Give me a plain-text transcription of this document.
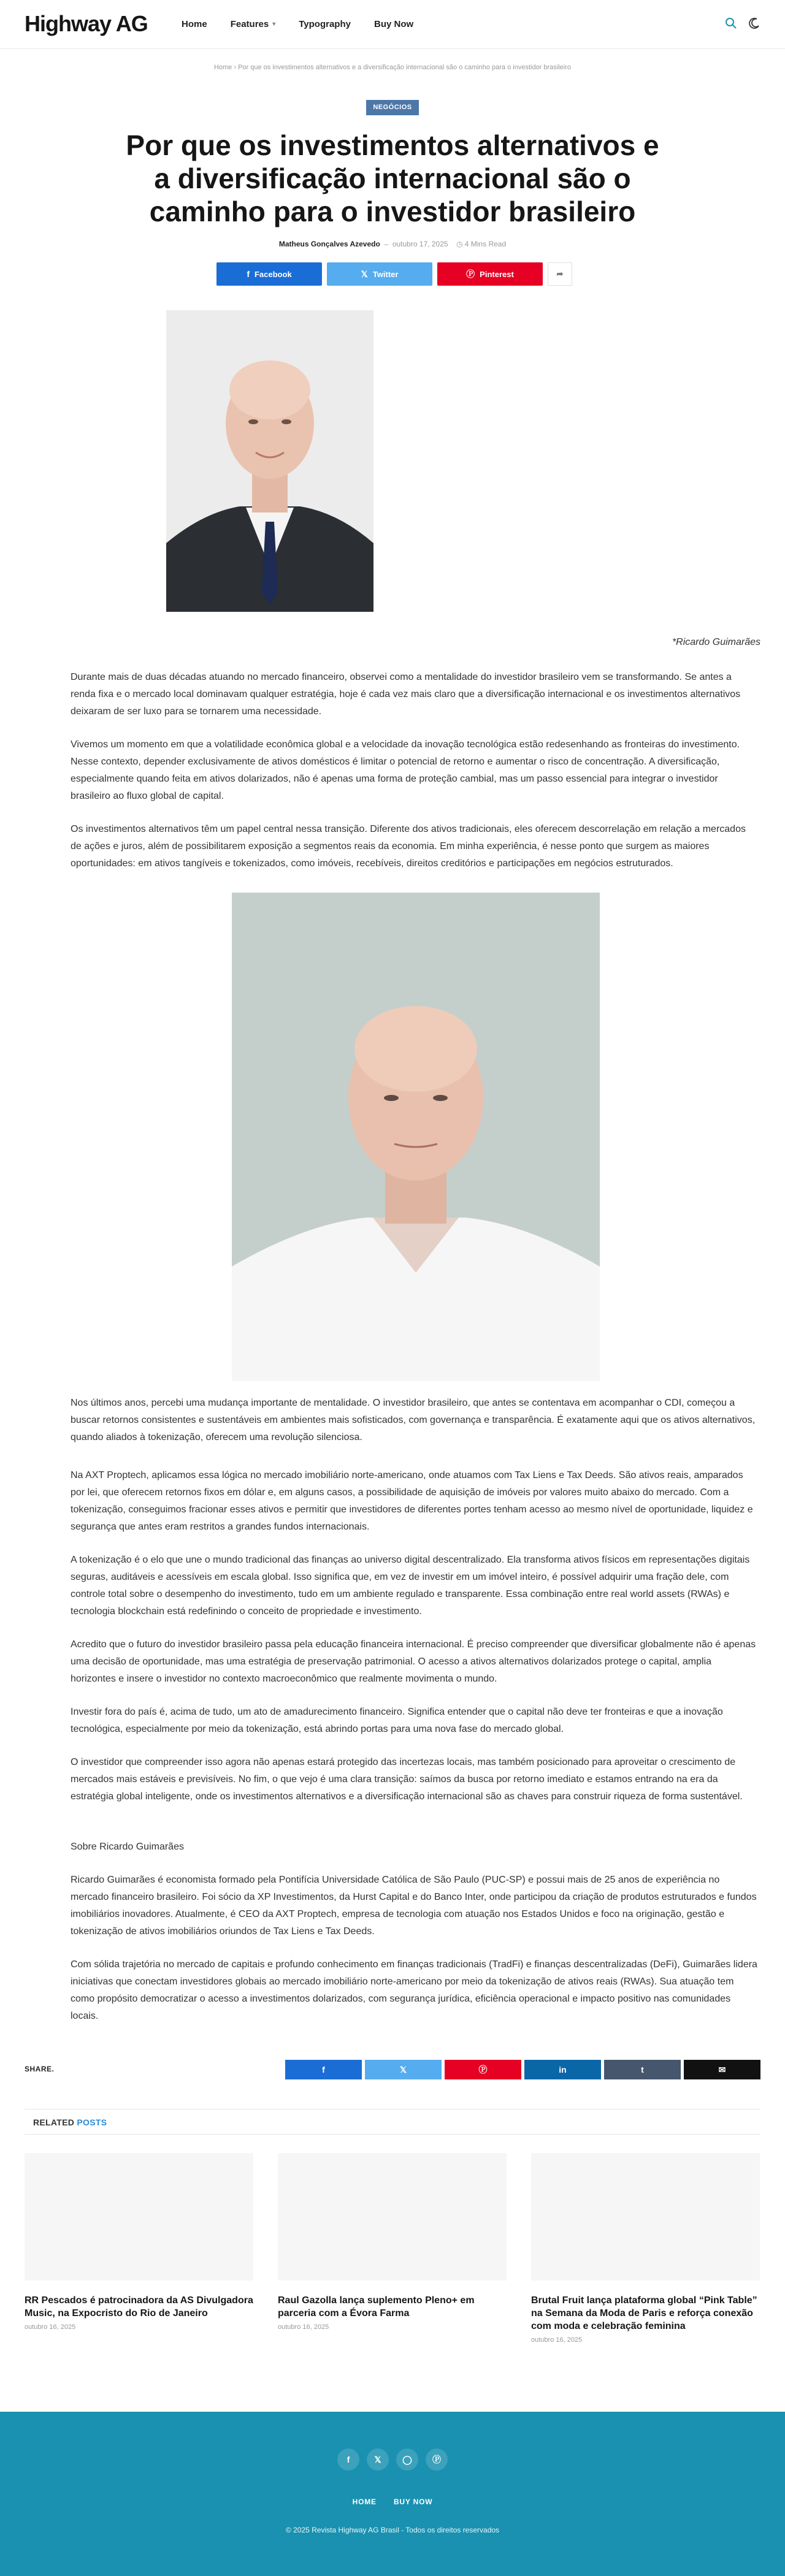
Highway AG	Home	Features ▾	Typography	Buy Now
Home › Por que os investimentos alternativos e a diversificação internacional são o caminho para o investidor brasileiro
NEGÓCIOS
Por que os investimentos alternativos e a diversificação internacional são o caminho para o investidor brasileiro
Matheus Gonçalves Azevedo  –  outubro 17, 2025 ◷ 4 Mins Read
f Facebook	𝕏 Twitter	Ⓟ Pinterest	➦
*Ricardo Guimarães
Durante mais de duas décadas atuando no mercado financeiro, observei como a mentalidade do investidor brasileiro vem se transformando. Se antes a renda fixa e o mercado local dominavam qualquer estratégia, hoje é cada vez mais claro que a diversificação internacional e os investimentos alternativos deixaram de ser luxo para se tornarem uma necessidade.
Vivemos um momento em que a volatilidade econômica global e a velocidade da inovação tecnológica estão redesenhando as fronteiras do investimento. Nesse contexto, depender exclusivamente de ativos domésticos é limitar o potencial de retorno e aumentar o risco de concentração. A diversificação, especialmente quando feita em ativos dolarizados, não é apenas uma forma de proteção cambial, mas um passo essencial para integrar o investidor brasileiro ao fluxo global de capital.
Os investimentos alternativos têm um papel central nessa transição. Diferente dos ativos tradicionais, eles oferecem descorrelação em relação a mercados de ações e juros, além de possibilitarem exposição a segmentos reais da economia. Em minha experiência, é nesse ponto que surgem as maiores oportunidades: em ativos tangíveis e tokenizados, como imóveis, recebíveis, direitos creditórios e participações em negócios estruturados.
Nos últimos anos, percebi uma mudança importante de mentalidade. O investidor brasileiro, que antes se contentava em acompanhar o CDI, começou a buscar retornos consistentes e sustentáveis em ambientes mais sofisticados, com governança e transparência. É exatamente aqui que os ativos alternativos, quando aliados à tokenização, oferecem uma revolução silenciosa.
Na AXT Proptech, aplicamos essa lógica no mercado imobiliário norte-americano, onde atuamos com Tax Liens e Tax Deeds. São ativos reais, amparados por lei, que oferecem retornos fixos em dólar e, em alguns casos, a possibilidade de aquisição de imóveis por valores muito abaixo do mercado. Com a tokenização, conseguimos fracionar esses ativos e permitir que investidores de diferentes portes tenham acesso ao mesmo nível de oportunidade, liquidez e segurança que antes eram restritos a grandes fundos internacionais.
A tokenização é o elo que une o mundo tradicional das finanças ao universo digital descentralizado. Ela transforma ativos físicos em representações digitais seguras, auditáveis e acessíveis em escala global. Isso significa que, em vez de investir em um imóvel inteiro, é possível adquirir uma fração dele, com controle total sobre o desempenho do investimento, tudo em um ambiente regulado e transparente. Essa combinação entre real world assets (RWAs) e tecnologia blockchain está redefinindo o conceito de propriedade e investimento.
Acredito que o futuro do investidor brasileiro passa pela educação financeira internacional. É preciso compreender que diversificar globalmente não é apenas uma decisão de oportunidade, mas uma estratégia de preservação patrimonial. O acesso a ativos alternativos dolarizados protege o capital, amplia horizontes e insere o investidor no contexto macroeconômico que realmente movimenta o mundo.
Investir fora do país é, acima de tudo, um ato de amadurecimento financeiro. Significa entender que o capital não deve ter fronteiras e que a inovação tecnológica, especialmente por meio da tokenização, está abrindo portas para uma nova fase do mercado global.
O investidor que compreender isso agora não apenas estará protegido das incertezas locais, mas também posicionado para aproveitar o crescimento de mercados mais estáveis e previsíveis. No fim, o que vejo é uma clara transição: saímos da busca por retorno imediato e estamos entrando na era da estratégia global inteligente, onde os investimentos alternativos e a diversificação internacional são as chaves para construir riqueza de forma sustentável.
Sobre Ricardo Guimarães
Ricardo Guimarães é economista formado pela Pontifícia Universidade Católica de São Paulo (PUC-SP) e possui mais de 25 anos de experiência no mercado financeiro brasileiro. Foi sócio da XP Investimentos, da Hurst Capital e do Banco Inter, onde participou da criação de produtos estruturados e fundos imobiliários inovadores. Atualmente, é CEO da AXT Proptech, empresa de tecnologia com atuação nos Estados Unidos e foco na originação, gestão e tokenização de ativos imobiliários oriundos de Tax Liens e Tax Deeds.
Com sólida trajetória no mercado de capitais e profundo conhecimento em finanças tradicionais (TradFi) e finanças descentralizadas (DeFi), Guimarães lidera iniciativas que conectam investidores globais ao mercado imobiliário norte-americano por meio da tokenização de ativos reais (RWAs). Sua atuação tem como propósito democratizar o acesso a investimentos dolarizados, com segurança jurídica, eficiência operacional e impacto positivo nas comunidades locais.
SHARE.	f	𝕏	Ⓟ	in	t	✉
RELATED POSTS
RR Pescados é patrocinadora da AS Divulgadora Music, na Expocristo do Rio de Janeiro
outubro 16, 2025
Raul Gazolla lança suplemento Pleno+ em parceria com a Évora Farma
outubro 16, 2025
Brutal Fruit lança plataforma global “Pink Table” na Semana da Moda de Paris e reforça conexão com moda e celebração feminina
outubro 16, 2025
f	𝕏	◯	Ⓟ
HOME BUY NOW
© 2025 Revista Highway AG Brasil - Todos os direitos reservados
